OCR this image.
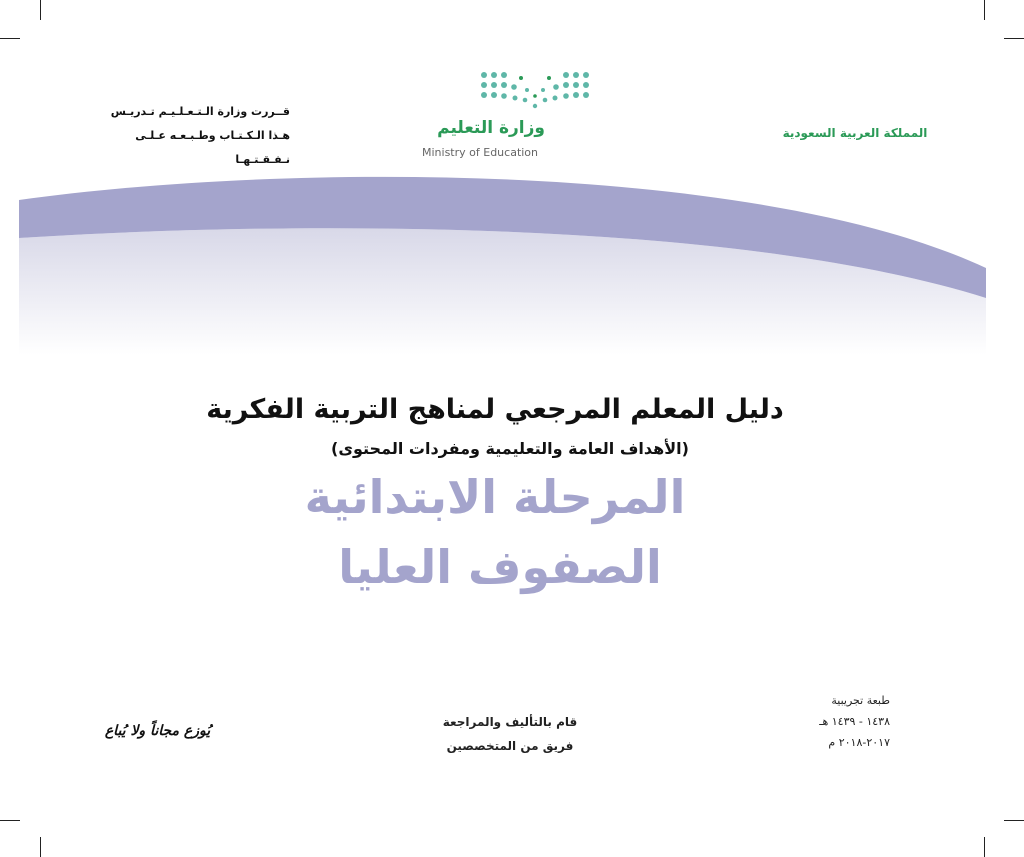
المملكة العربية السعودية
وزارة التعليم
Ministry of Education
قــررت وزارة الـتـعـلـيـم تـدريـس
هـذا الـكـتـاب وطـبـعـه عـلـى نـفـقـتـهـا
دليل المعلم المرجعي لمناهج التربية الفكرية
(الأهداف العامة والتعليمية ومفردات المحتوى)
المرحلة الابتدائية
الصفوف العليا
طبعة تجريبية
١٤٣٨ - ١٤٣٩ هـ
٢٠١٧-٢٠١٨ م
قام بالتأليف والمراجعة
فريق من المتخصصين
يُوزع مجاناً ولا يُباع
